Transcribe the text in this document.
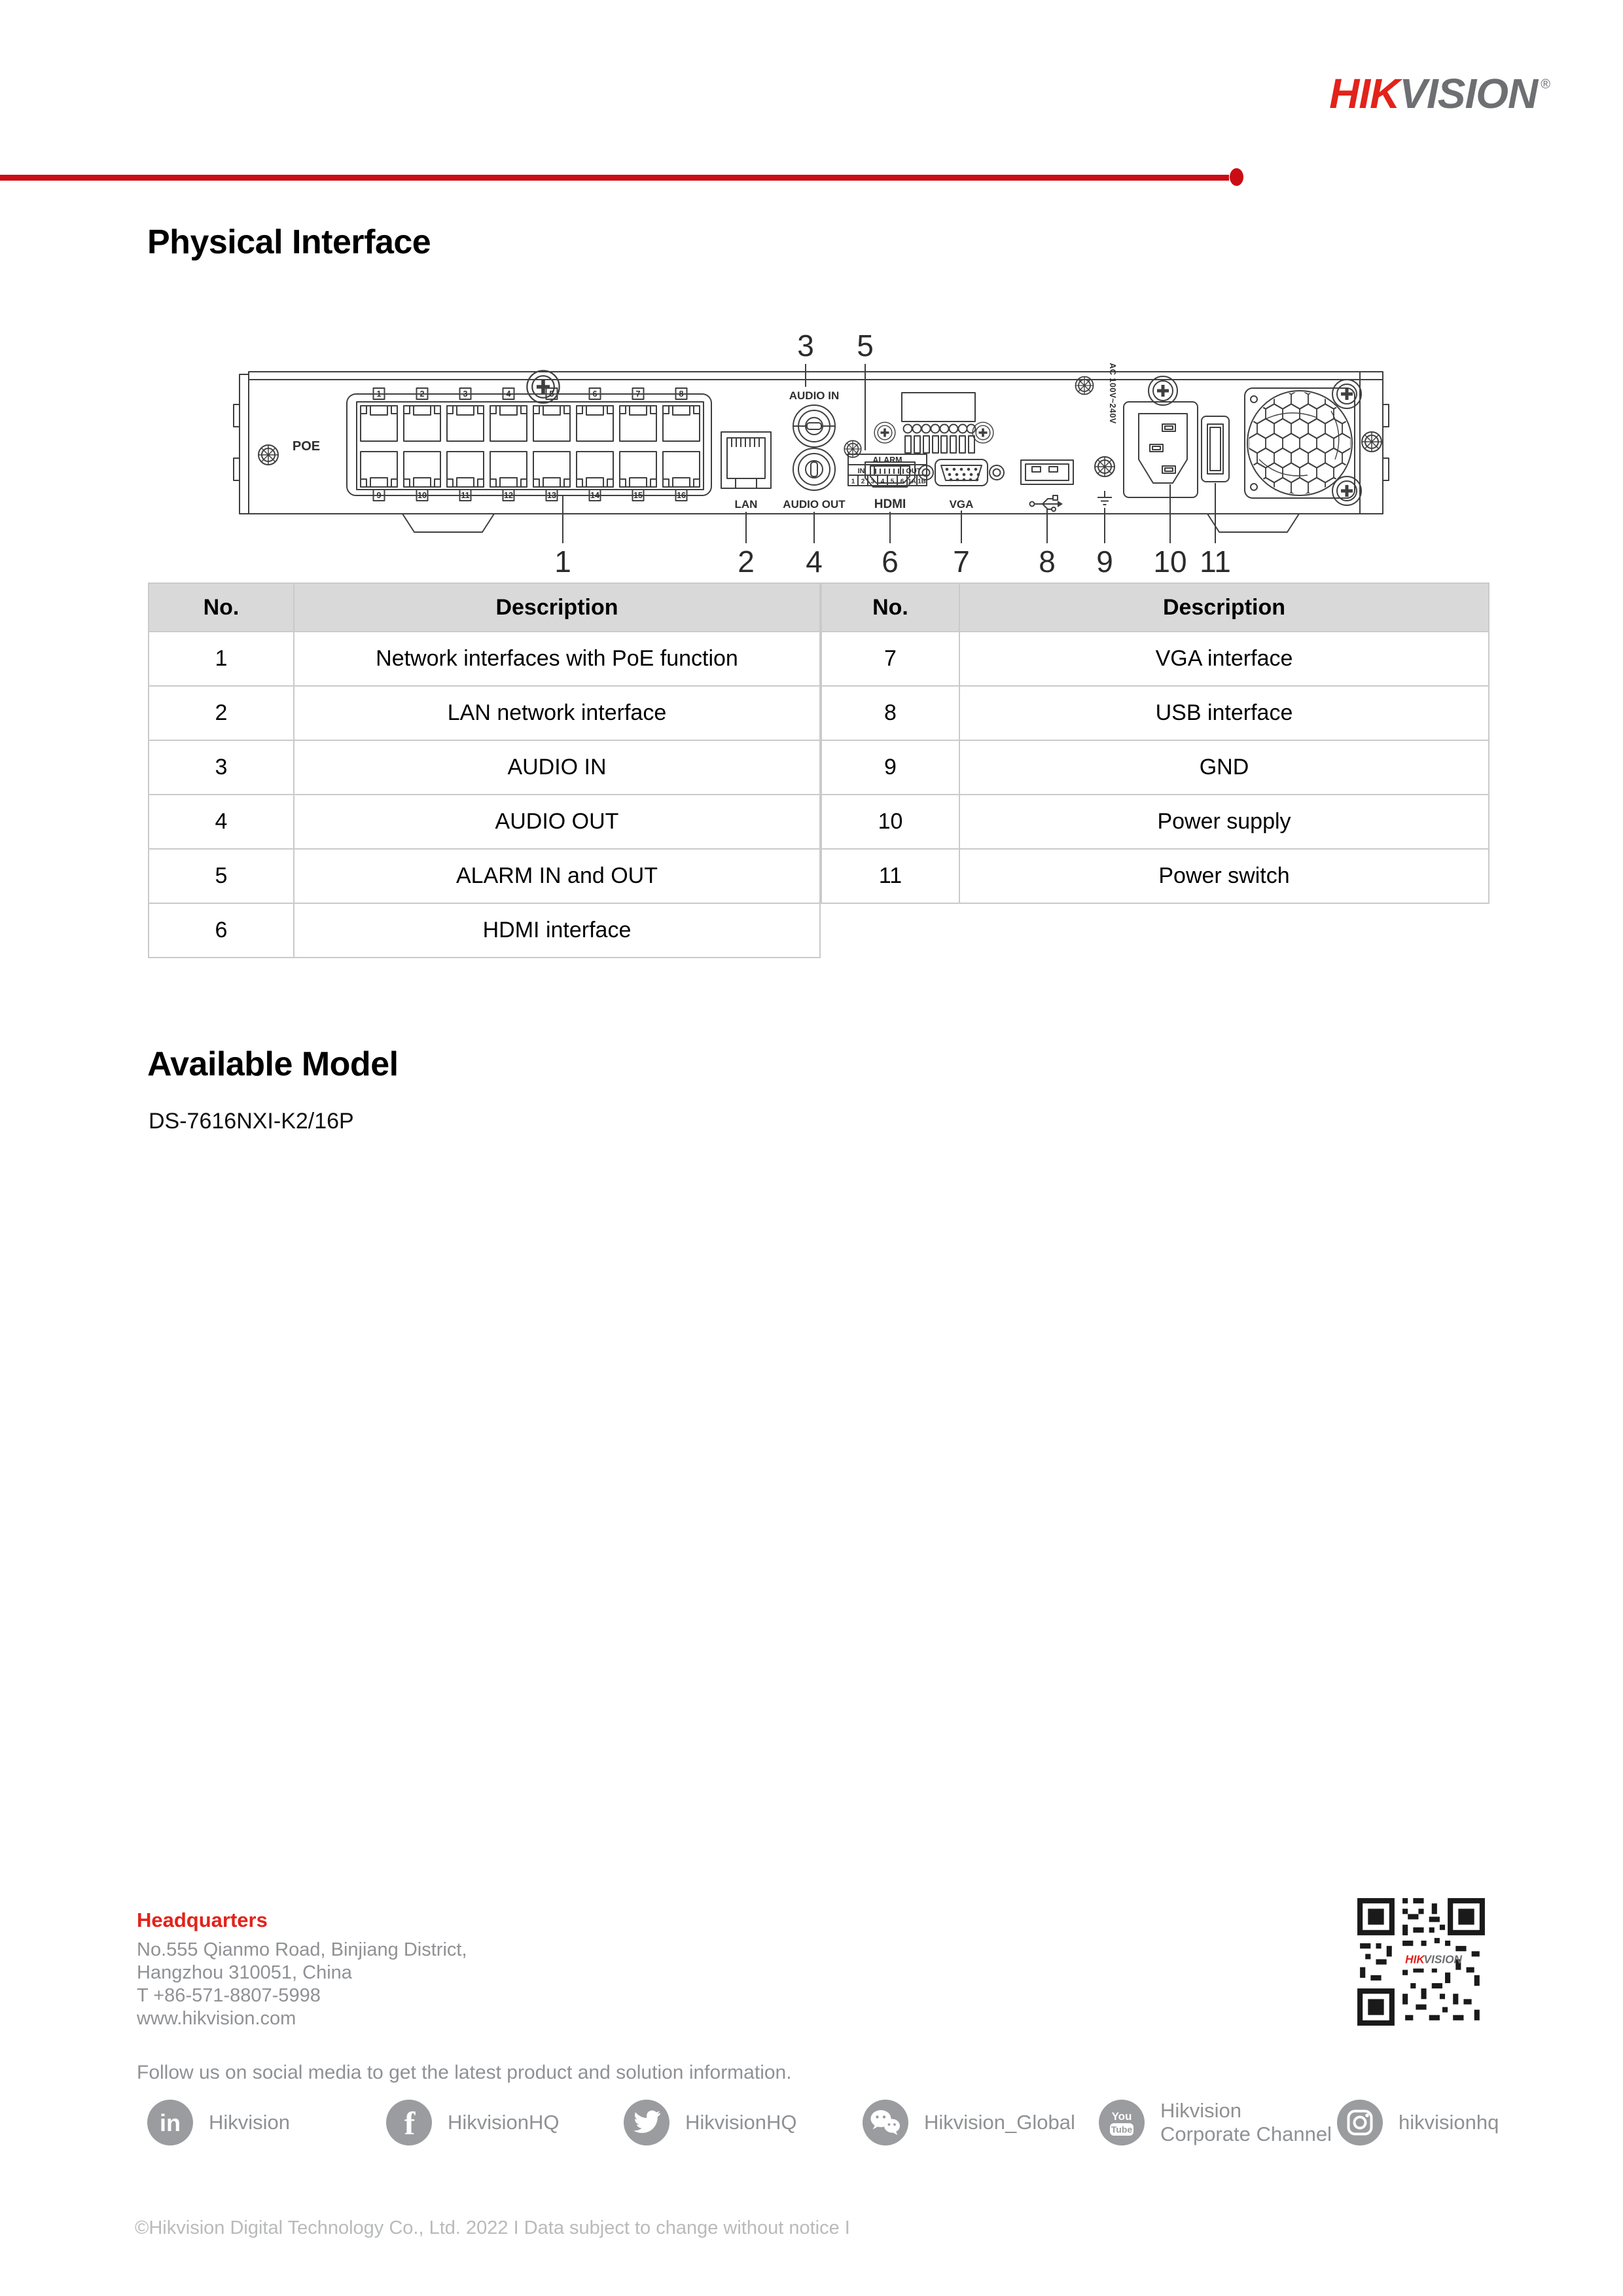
HIKVISION ®
Physical Interface
POE
LAN
AUDIO IN
AUDIO OUT HDMI	VGA
ALARM
IN	OUT
AC 100V~240V
1 2 3 4 5 6 1A 1B
1	2	3	4	5	6	7	8
9	10	11	12	13	14	15	16
3 5
1	2 4 6 7 8 9 10 11
No.	Description
1	Network interfaces with PoE function
2	LAN network interface
3	AUDIO IN
4	AUDIO OUT
5	ALARM IN and OUT
6	HDMI interface
No.	Description
7	VGA interface
8	USB interface
9	GND
10	Power supply
11	Power switch
Available Model
DS-7616NXI-K2/16P
Headquarters
No.555 Qianmo Road, Binjiang District,
Hangzhou 310051, China
T +86-571-8807-5998
www.hikvision.com
Follow us on social media to get the latest product and solution information.
in Hikvision	f HikvisionHQ	HikvisionHQ	Hikvision_Global	You
Tube
Hikvision
Corporate Channel
hikvisionhq
HIK
VISION
©Hikvision Digital Technology Co., Ltd. 2022 I Data subject to change without notice I
